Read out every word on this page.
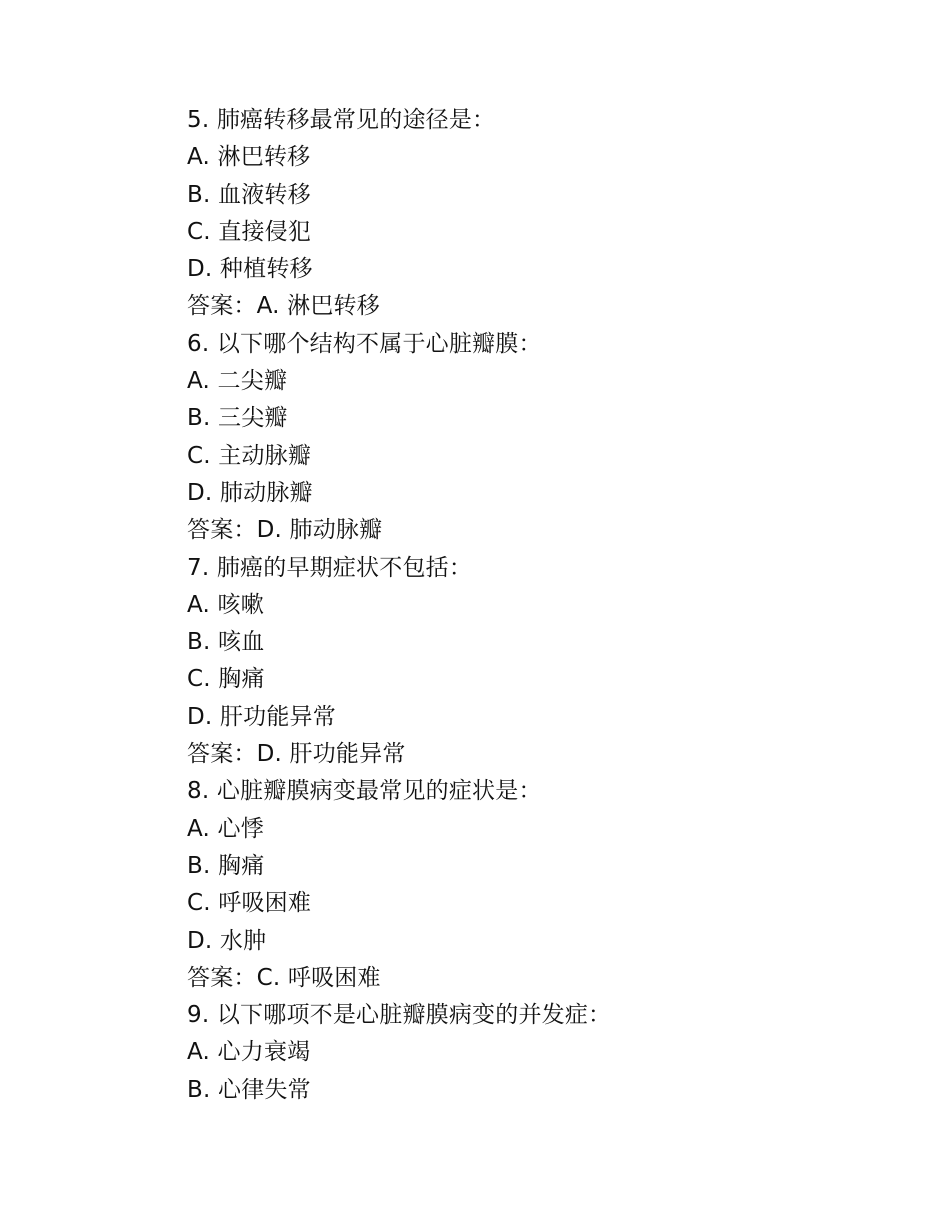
5. 肺癌转移最常见的途径是：
A. 淋巴转移
B. 血液转移
C. 直接侵犯
D. 种植转移
答案：A. 淋巴转移
6. 以下哪个结构不属于心脏瓣膜：
A. 二尖瓣
B. 三尖瓣
C. 主动脉瓣
D. 肺动脉瓣
答案：D. 肺动脉瓣
7. 肺癌的早期症状不包括：
A. 咳嗽
B. 咳血
C. 胸痛
D. 肝功能异常
答案：D. 肝功能异常
8. 心脏瓣膜病变最常见的症状是：
A. 心悸
B. 胸痛
C. 呼吸困难
D. 水肿
答案：C. 呼吸困难
9. 以下哪项不是心脏瓣膜病变的并发症：
A. 心力衰竭
B. 心律失常
